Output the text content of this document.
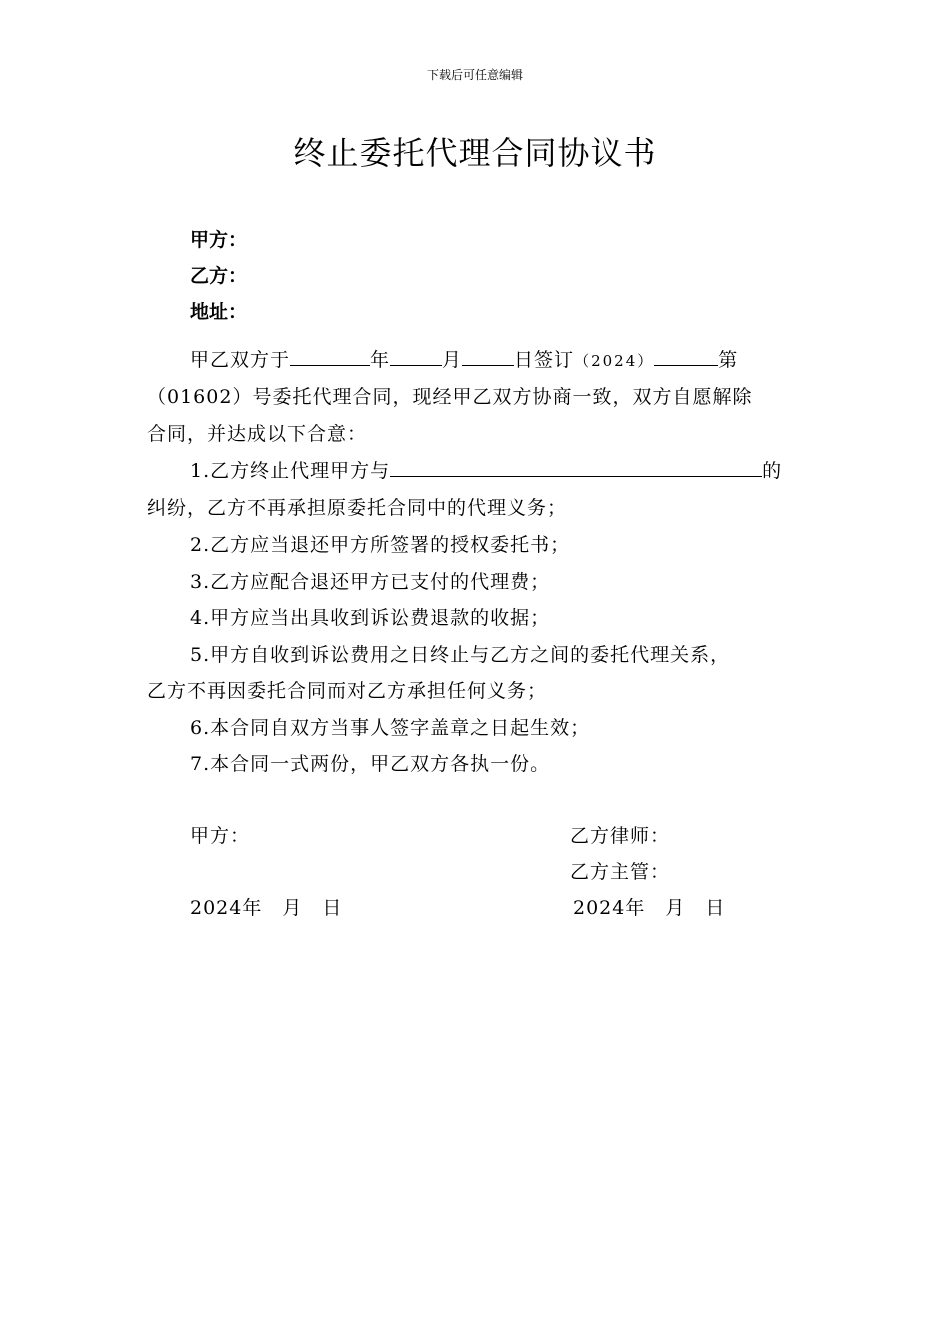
下载后可任意编辑
终止委托代理合同协议书
甲方：
乙方：
地址：
甲乙双方于	年	月	日签订（2024）	第
（01602）号委托代理合同，现经甲乙双方协商一致，双方自愿解除
合同，并达成以下合意：
1.乙方终止代理甲方与	的
纠纷，乙方不再承担原委托合同中的代理义务；
2.乙方应当退还甲方所签署的授权委托书；
3.乙方应配合退还甲方已支付的代理费；
4.甲方应当出具收到诉讼费退款的收据；
5.甲方自收到诉讼费用之日终止与乙方之间的委托代理关系，
乙方不再因委托合同而对乙方承担任何义务；
6.本合同自双方当事人签字盖章之日起生效；
7.本合同一式两份，甲乙双方各执一份。
甲方：	乙方律师：
乙方主管：
2024年　月　日	2024年　月　日
